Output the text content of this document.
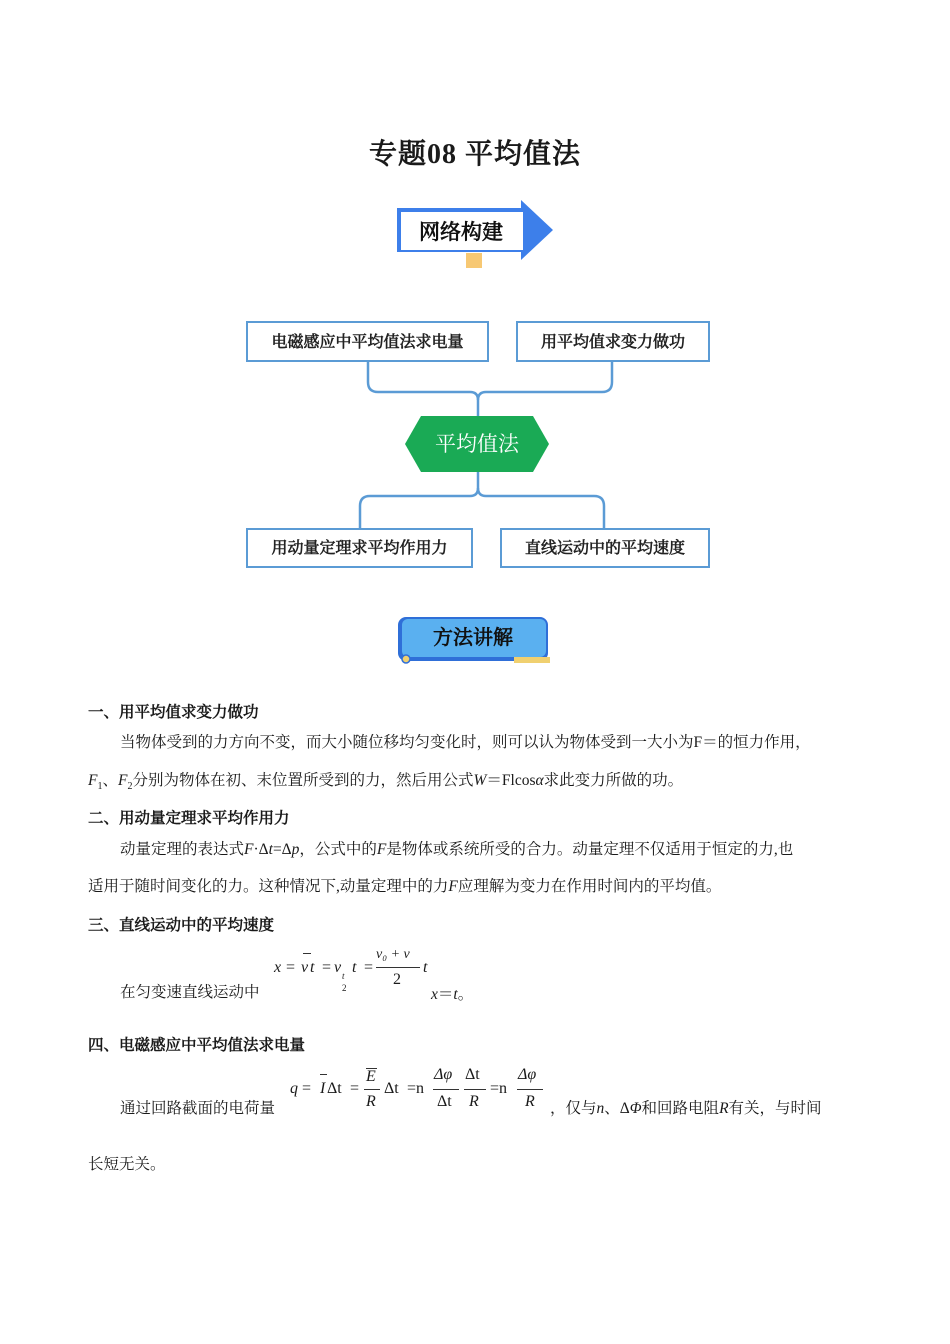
专题08 平均值法
网络构建
电磁感应中平均值法求电量	用平均值求变力做功
用动量定理求平均作用力	直线运动中的平均速度
平均值法
方法讲解
一、用平均值求变力做功
当物体受到的力方向不变，而大小随位移均匀变化时，则可以认为物体受到一大小为F＝的恒力作用，
$F_1$、$F_2$分别为物体在初、末位置所受到的力，然后用公式W＝Flcosα求此变力所做的功。
二、用动量定理求平均作用力
动量定理的表达式F·Δt=Δp，公式中的F是物体或系统所受的合力。动量定理不仅适用于恒定的力,也
适用于随时间变化的力。这种情况下,动量定理中的力F应理解为变力在作用时间内的平均值。
三、直线运动中的平均速度
在匀变速直线运动中
x = v t = v t
2
t =
v₀ + v
2
t
x＝t。
四、电磁感应中平均值法求电量
通过回路截面的电荷量
q = I Δt =
E
R
Δt =n
Δφ
Δt
Δt
R
=n
Δφ
R ，仅与n、ΔΦ和回路电阻R有关，与时间
长短无关。
